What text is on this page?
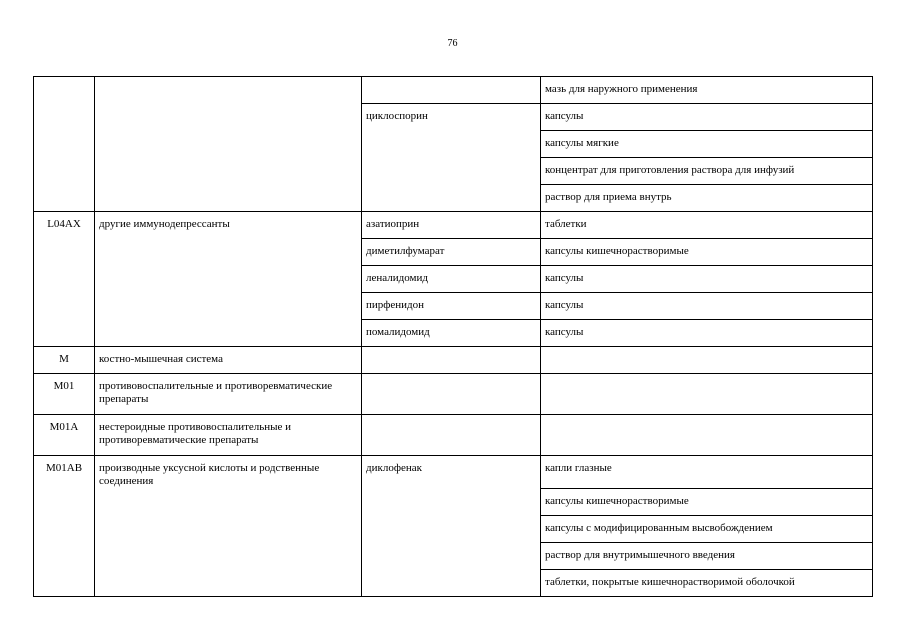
76
			мазь для наружного применения
		циклоспорин	капсулы
			капсулы мягкие
			концентрат для приготовления раствора для инфузий
			раствор для приема внутрь
L04AX	другие иммунодепрессанты	азатиоприн	таблетки
		диметилфумарат	капсулы кишечнорастворимые
		леналидомид	капсулы
		пирфенидон	капсулы
		помалидомид	капсулы
M	костно-мышечная система		
M01	противовоспалительные и противоревматические препараты		
M01A	нестероидные противовоспалительные и противоревматические препараты		
M01AB	производные уксусной кислоты и родственные соединения	диклофенак	капли глазные
			капсулы кишечнорастворимые
			капсулы с модифицированным высвобождением
			раствор для внутримышечного введения
			таблетки, покрытые кишечнорастворимой оболочкой
